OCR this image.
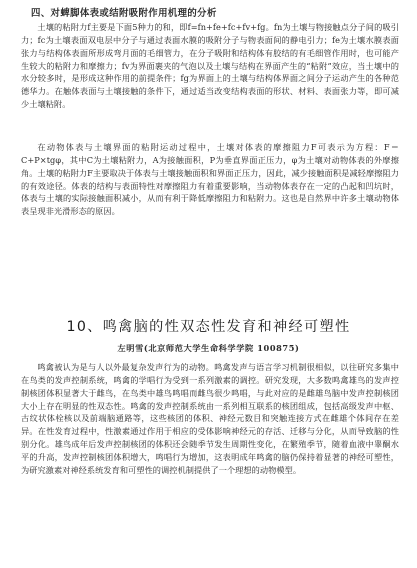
四、对蜱脚体表或结附吸附作用机理的分析
土壤的粘附力f主要是下面5种力的和，即f=fn+fe+fc+fv+fg。fn为土壤与物接触点分子间的吸引力；fc为土壤表面双电层中分子与通过表面水膜的吸附分子与物表面间的静电引力；fe为土壤水膜表面张力与结构体表面所形成弯月面的毛细管力，在分子吸附和结构体有胶结的有毛细管作用时，也可能产生较大的粘附力和摩擦力；fv为界面裹夹的气泡以及土壤与结构在界面产生的“粘附”效应，当土壤中的水分较多时，是形成这种作用的前提条件；fg为界面上的土壤与结构体界面之间分子运动产生的各种范德华力。在触体表面与土壤接触的条件下，通过适当改变结构表面的形状、材料、表面张力等，即可减少土壤粘附。
在动物体表与土壤界面的粘附运动过程中，土壤对体表的摩擦阻力F可表示为方程：F＝C+P×tgφ，其中C为土壤粘附力，A为接触面积，P为垂直界面正压力，φ为土壤对动物体表的外摩擦角。土壤的粘附力F主要取决于体表与土壤接触面积和界面正压力，因此，减少接触面积是减轻摩擦阻力的有效途径。体表的结构与表面特性对摩擦阻力有着重要影响，当动物体表存在一定的凸起和凹坑时，体表与土壤的实际接触面积减小，从而有利于降低摩擦阻力和粘附力。这也是自然界中许多土壤动物体表呈现非光滑形态的原因。
10、鸣禽脑的性双态性发育和神经可塑性
左明雪(北京师范大学生命科学学院 100875)
鸣禽被认为是与人以外最复杂发声行为的动物。鸣禽发声与语言学习机制很相似，以往研究多集中在鸟类的发声控制系统，鸣禽的学唱行为受到一系列激素的调控。研究发现，大多数鸣禽雄鸟的发声控制核团体积显著大于雌鸟，在鸟类中雄鸟鸣唱而雌鸟很少鸣唱，与此对应的是雌雄鸟脑中发声控制核团大小上存在明显的性双态性。鸣禽的发声控制系统由一系列相互联系的核团组成，包括高级发声中枢、古纹状体栓核以及前端脑通路等，这些核团的体积、神经元数目和突触连接方式在雌雄个体间存在差异。在性发育过程中，性激素通过作用于相应的受体影响神经元的存活、迁移与分化，从而导致脑的性别分化。雄鸟成年后发声控制核团的体积还会随季节发生周期性变化，在繁殖季节，随着血液中睾酮水平的升高，发声控制核团体积增大，鸣唱行为增加，这表明成年鸣禽的脑仍保持着显著的神经可塑性，为研究激素对神经系统发育和可塑性的调控机制提供了一个理想的动物模型。
